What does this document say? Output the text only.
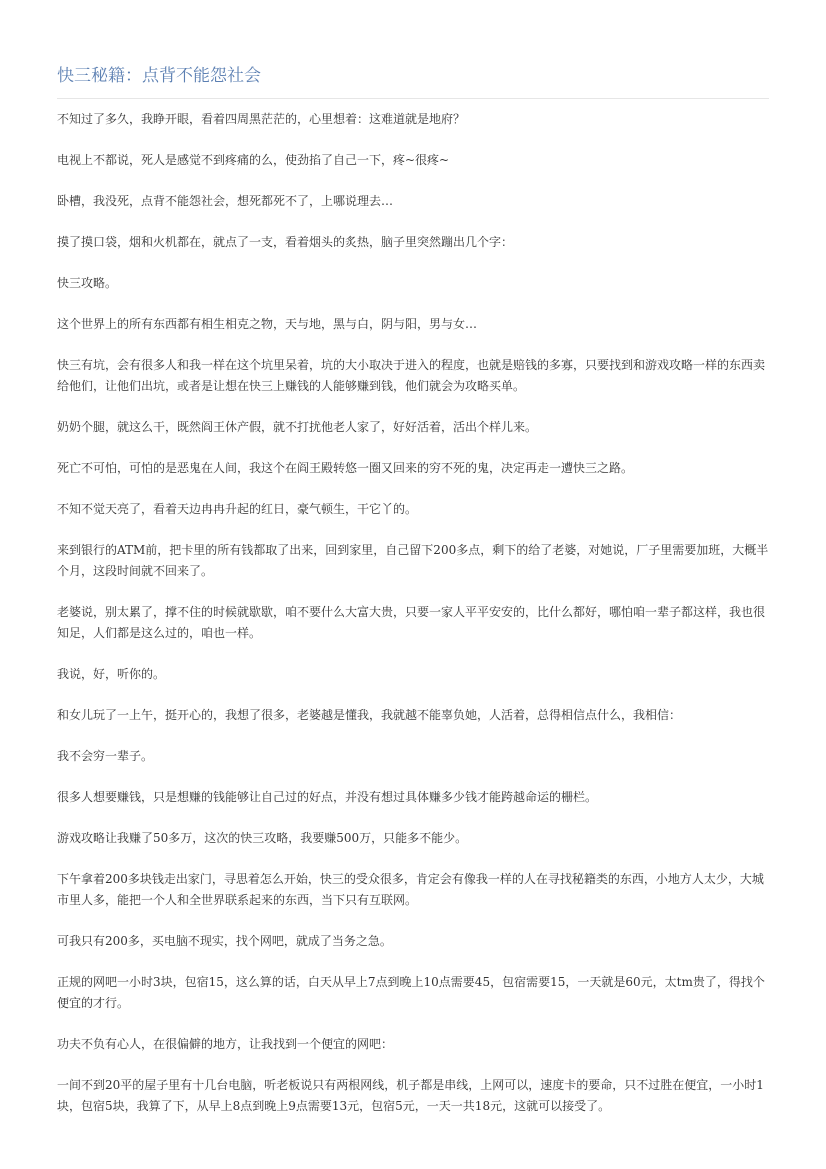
快三秘籍：点背不能怨社会

不知过了多久，我睁开眼，看着四周黑茫茫的，心里想着：这难道就是地府？

电视上不都说，死人是感觉不到疼痛的么，使劲掐了自己一下，疼~很疼~

卧槽，我没死，点背不能怨社会，想死都死不了，上哪说理去…

摸了摸口袋，烟和火机都在，就点了一支，看着烟头的炙热，脑子里突然蹦出几个字：

快三攻略。

这个世界上的所有东西都有相生相克之物，天与地，黑与白，阴与阳，男与女…

快三有坑，会有很多人和我一样在这个坑里呆着，坑的大小取决于进入的程度，也就是赔钱的多寡，只要找到和游戏攻略一样的东西卖给他们，让他们出坑，或者是让想在快三上赚钱的人能够赚到钱，他们就会为攻略买单。

奶奶个腿，就这么干，既然阎王休产假，就不打扰他老人家了，好好活着，活出个样儿来。

死亡不可怕，可怕的是恶鬼在人间，我这个在阎王殿转悠一圈又回来的穷不死的鬼，决定再走一遭快三之路。

不知不觉天亮了，看着天边冉冉升起的红日，豪气顿生，干它丫的。

来到银行的ATM前，把卡里的所有钱都取了出来，回到家里，自己留下200多点，剩下的给了老婆，对她说，厂子里需要加班，大概半个月，这段时间就不回来了。

老婆说，别太累了，撑不住的时候就歇歇，咱不要什么大富大贵，只要一家人平平安安的，比什么都好，哪怕咱一辈子都这样，我也很知足，人们都是这么过的，咱也一样。

我说，好，听你的。

和女儿玩了一上午，挺开心的，我想了很多，老婆越是懂我，我就越不能辜负她，人活着，总得相信点什么，我相信：

我不会穷一辈子。

很多人想要赚钱，只是想赚的钱能够让自己过的好点，并没有想过具体赚多少钱才能跨越命运的栅栏。

游戏攻略让我赚了50多万，这次的快三攻略，我要赚500万，只能多不能少。

下午拿着200多块钱走出家门，寻思着怎么开始，快三的受众很多，肯定会有像我一样的人在寻找秘籍类的东西，小地方人太少，大城市里人多，能把一个人和全世界联系起来的东西，当下只有互联网。

可我只有200多，买电脑不现实，找个网吧，就成了当务之急。

正规的网吧一小时3块，包宿15，这么算的话，白天从早上7点到晚上10点需要45，包宿需要15，一天就是60元，太tm贵了，得找个便宜的才行。

功夫不负有心人，在很偏僻的地方，让我找到一个便宜的网吧：

一间不到20平的屋子里有十几台电脑，听老板说只有两根网线，机子都是串线，上网可以，速度卡的要命，只不过胜在便宜，一小时1块，包宿5块，我算了下，从早上8点到晚上9点需要13元，包宿5元，一天一共18元，这就可以接受了。
